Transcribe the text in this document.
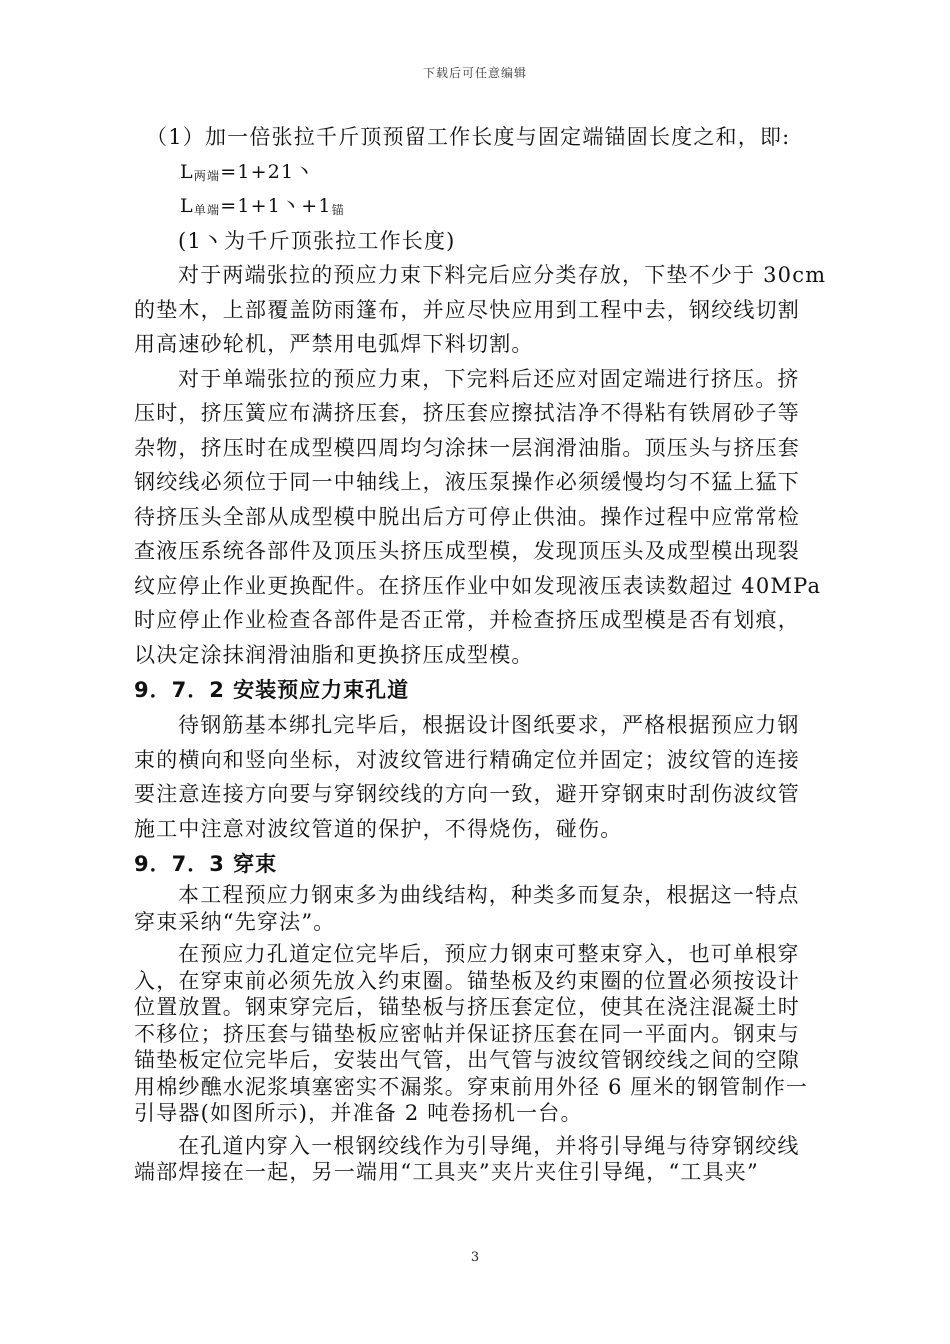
下载后可任意编辑
（1）加一倍张拉千斤顶预留工作长度与固定端锚固长度之和，即:
$L_{两端}=1+21$丶
$L_{单端}=1+1$丶$+1_锚$
(1丶为千斤顶张拉工作长度)
对于两端张拉的预应力束下料完后应分类存放，下垫不少于 30cm
的垫木，上部覆盖防雨篷布，并应尽快应用到工程中去，钢绞线切割
用高速砂轮机，严禁用电弧焊下料切割。
对于单端张拉的预应力束，下完料后还应对固定端进行挤压。挤
压时，挤压簧应布满挤压套，挤压套应擦拭洁净不得粘有铁屑砂子等
杂物，挤压时在成型模四周均匀涂抹一层润滑油脂。顶压头与挤压套
钢绞线必须位于同一中轴线上，液压泵操作必须缓慢均匀不猛上猛下
待挤压头全部从成型模中脱出后方可停止供油。操作过程中应常常检
查液压系统各部件及顶压头挤压成型模，发现顶压头及成型模出现裂
纹应停止作业更换配件。在挤压作业中如发现液压表读数超过 40MPa
时应停止作业检查各部件是否正常，并检查挤压成型模是否有划痕，
以决定涂抹润滑油脂和更换挤压成型模。
9．7．2 安装预应力束孔道
待钢筋基本绑扎完毕后，根据设计图纸要求，严格根据预应力钢
束的横向和竖向坐标，对波纹管进行精确定位并固定；波纹管的连接
要注意连接方向要与穿钢绞线的方向一致，避开穿钢束时刮伤波纹管
施工中注意对波纹管道的保护，不得烧伤，碰伤。
9．7．3 穿束
本工程预应力钢束多为曲线结构，种类多而复杂，根据这一特点
穿束采纳“先穿法”。
在预应力孔道定位完毕后，预应力钢束可整束穿入，也可单根穿
入，在穿束前必须先放入约束圈。锚垫板及约束圈的位置必须按设计
位置放置。钢束穿完后，锚垫板与挤压套定位，使其在浇注混凝土时
不移位；挤压套与锚垫板应密帖并保证挤压套在同一平面内。钢束与
锚垫板定位完毕后，安装出气管，出气管与波纹管钢绞线之间的空隙
用棉纱醮水泥浆填塞密实不漏浆。穿束前用外径 6 厘米的钢管制作一
引导器(如图所示)，并准备 2 吨卷扬机一台。
在孔道内穿入一根钢绞线作为引导绳，并将引导绳与待穿钢绞线
端部焊接在一起，另一端用“工具夹”夹片夹住引导绳，“工具夹”
3
